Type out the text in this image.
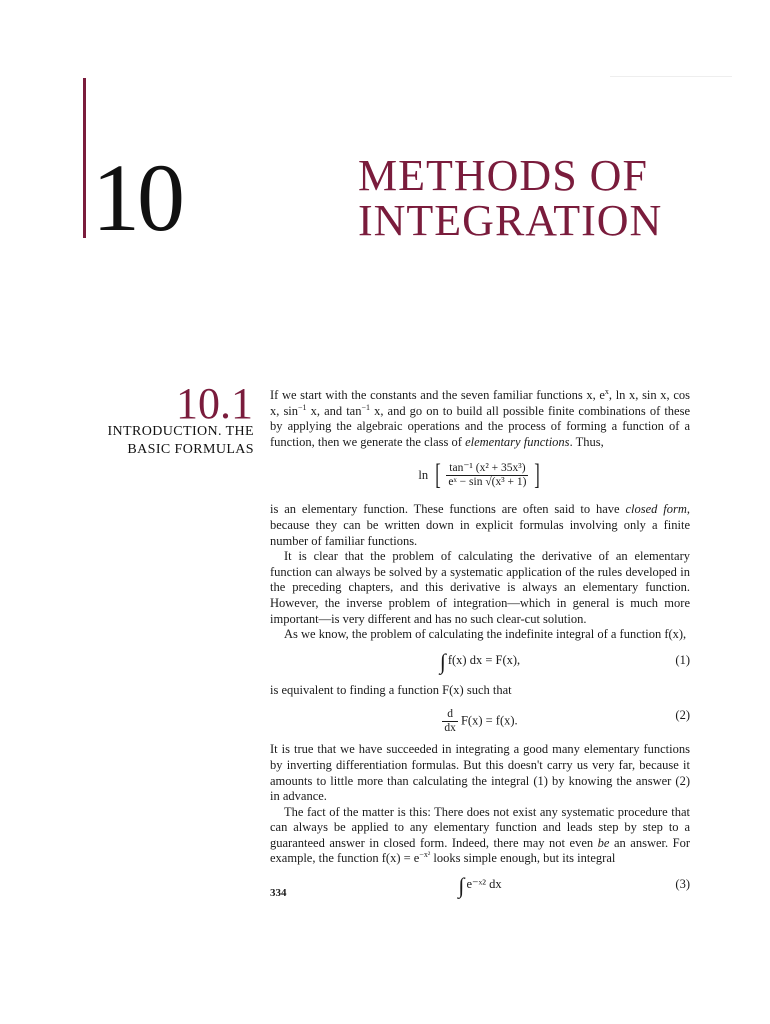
10	METHODS OF
INTEGRATION
10.1
INTRODUCTION. THE
BASIC FORMULAS

If we start with the constants and the seven familiar functions x, $e^x$, ln x, sin x, cos x, $\sin^{-1} x$, and $\tan^{-1} x$, and go on to build all possible finite combinations of these by applying the algebraic operations and the process of forming a function of a function, then we generate the class of elementary functions. Thus,

ln [ $\frac{\text{tan⁻¹ (x² + 35x³)}}{\text{eˣ − sin √(x³ + 1)}}$ ]

is an elementary function. These functions are often said to have closed form, because they can be written down in explicit formulas involving only a finite number of familiar functions.

It is clear that the problem of calculating the derivative of an elementary function can always be solved by a systematic application of the rules developed in the preceding chapters, and this derivative is always an elementary function. However, the inverse problem of integration—which in general is much more important—is very different and has no such clear-cut solution.

As we know, the problem of calculating the indefinite integral of a function f(x),

∫ f(x) dx = F(x),	(1)

is equivalent to finding a function F(x) such that

$\frac{d}{dx} F(x) = f(x)$.	(2)

It is true that we have succeeded in integrating a good many elementary functions by inverting differentiation formulas. But this doesn't carry us very far, because it amounts to little more than calculating the integral (1) by knowing the answer (2) in advance.

The fact of the matter is this: There does not exist any systematic procedure that can always be applied to any elementary function and leads step by step to a guaranteed answer in closed form. Indeed, there may not even be an answer. For example, the function $f(x) = e^{-x^2}$ looks simple enough, but its integral

∫ e⁻ˣ² dx	(3)
334
